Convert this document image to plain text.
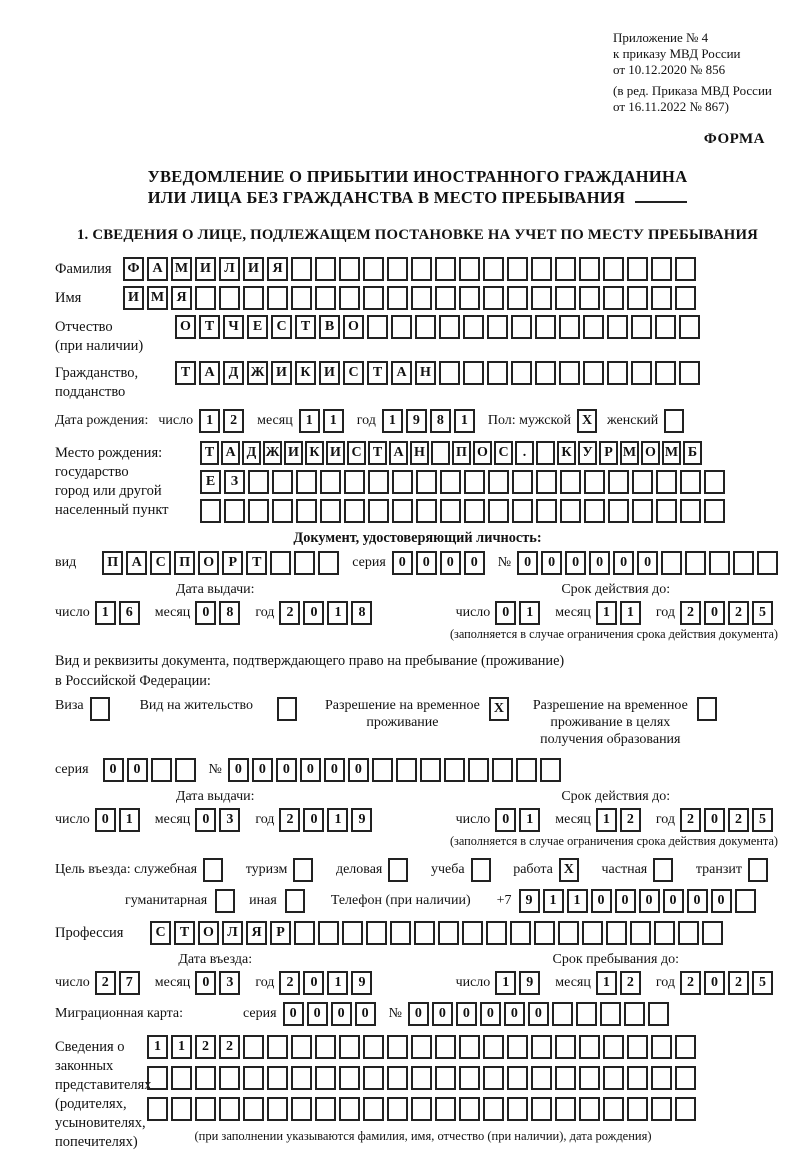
Приложение № 4
к приказу МВД России
от 10.12.2020 № 856
(в ред. Приказа МВД России
от 16.11.2022 № 867)
ФОРМА
УВЕДОМЛЕНИЕ О ПРИБЫТИИ ИНОСТРАННОГО ГРАЖДАНИНА
ИЛИ ЛИЦА БЕЗ ГРАЖДАНСТВА В МЕСТО ПРЕБЫВАНИЯ
1. СВЕДЕНИЯ О ЛИЦЕ, ПОДЛЕЖАЩЕМ ПОСТАНОВКЕ НА УЧЕТ ПО МЕСТУ ПРЕБЫВАНИЯ
Фамилия	Ф А М И Л И Я
Имя	И М Я
Отчество
(при наличии)
О Т	Ч	Е	С	Т	В О
Гражданство,
подданство
Т	А	Д Ж И К И С	Т	А Н
Дата рождения: число 1	2	месяц 1	1	год 1	9	8	1	Пол: мужской X	женский
Место рождения:
государство
город или другой
населенный пункт
Т А Д Ж И К И С Т А Н П О С	.	К У Р М О М Б
Е	З
Документ, удостоверяющий личность:
вид	П А С П О	Р	Т	серия 0	0	0	0	№ 0	0	0	0	0	0
Дата выдачи:
число 1	6	месяц 0	8	год 2	0	1	8
Срок действия до:
число 0	1	месяц 1	1	год 2	0	2	5
(заполняется в случае ограничения срока действия документа)
Вид и реквизиты документа, подтверждающего право на пребывание (проживание)
в Российской Федерации:
Виза	Вид на жительство	Разрешение на временное
проживание
X	Разрешение на временное
проживание в целях
получения образования
серия	0	0	№ 0	0	0	0	0	0
Дата выдачи:
число 0	1	месяц 0	3	год 2	0	1	9
Срок действия до:
число 0	1	месяц 1	2	год 2	0	2	5
(заполняется в случае ограничения срока действия документа)
Цель въезда: служебная	туризм	деловая	учеба	работа X	частная	транзит
гуманитарная	иная	Телефон (при наличии) +7	9	1	1	0	0	0	0	0	0
Профессия	С	Т О Л Я	Р
Дата въезда:
число 2	7	месяц 0	3	год 2	0	1	9
Срок пребывания до:
число 1	9	месяц 1	2	год 2	0	2	5
Миграционная карта:	серия 0	0	0	0	№ 0	0	0	0	0	0
Сведения о
законных
представителях
(родителях,
усыновителях,
попечителях)
1	1	2	2
(при заполнении указываются фамилия, имя, отчество (при наличии), дата рождения)
